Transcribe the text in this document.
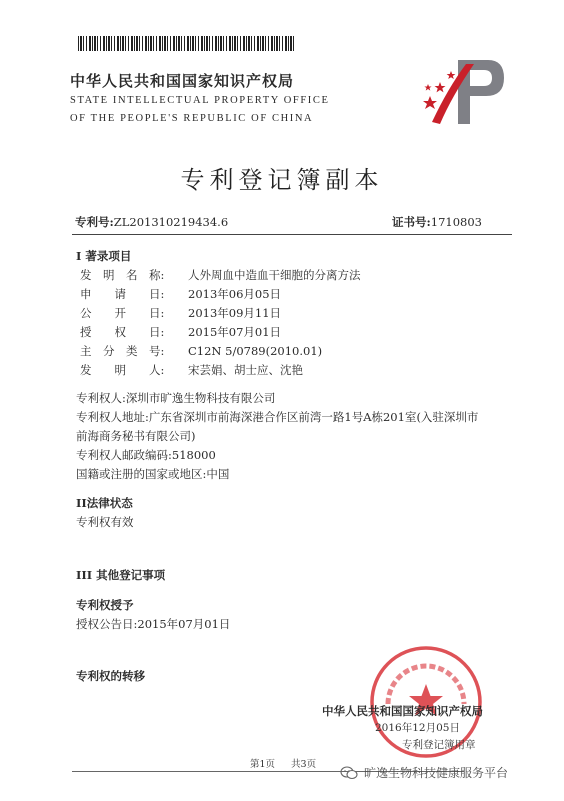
中华人民共和国国家知识产权局
STATE INTELLECTUAL PROPERTY OFFICE
OF THE PEOPLE'S REPUBLIC OF CHINA
专利登记簿副本
专利号:ZL201310219434.6	证书号:1710803
I 著录项目
发　明　名　称: 人外周血中造血干细胞的分离方法
申　　请　　日: 2013年06月05日
公　　开　　日: 2013年09月11日
授　　权　　日: 2015年07月01日
主　分　类　号: C12N 5/0789(2010.01)
发　　明　　人: 宋芸娟、胡士应、沈艳
专利权人:深圳市旷逸生物科技有限公司
专利权人地址:广东省深圳市前海深港合作区前湾一路1号A栋201室(入驻深圳市
前海商务秘书有限公司)
专利权人邮政编码:518000
国籍或注册的国家或地区:中国
II法律状态
专利权有效
III 其他登记事项
专利权授予
授权公告日:2015年07月01日
专利权的转移
中华人民共和国国家知识产权局
2016年12月05日
专利登记簿用章
第1页 共3页
旷逸生物科技健康服务平台
